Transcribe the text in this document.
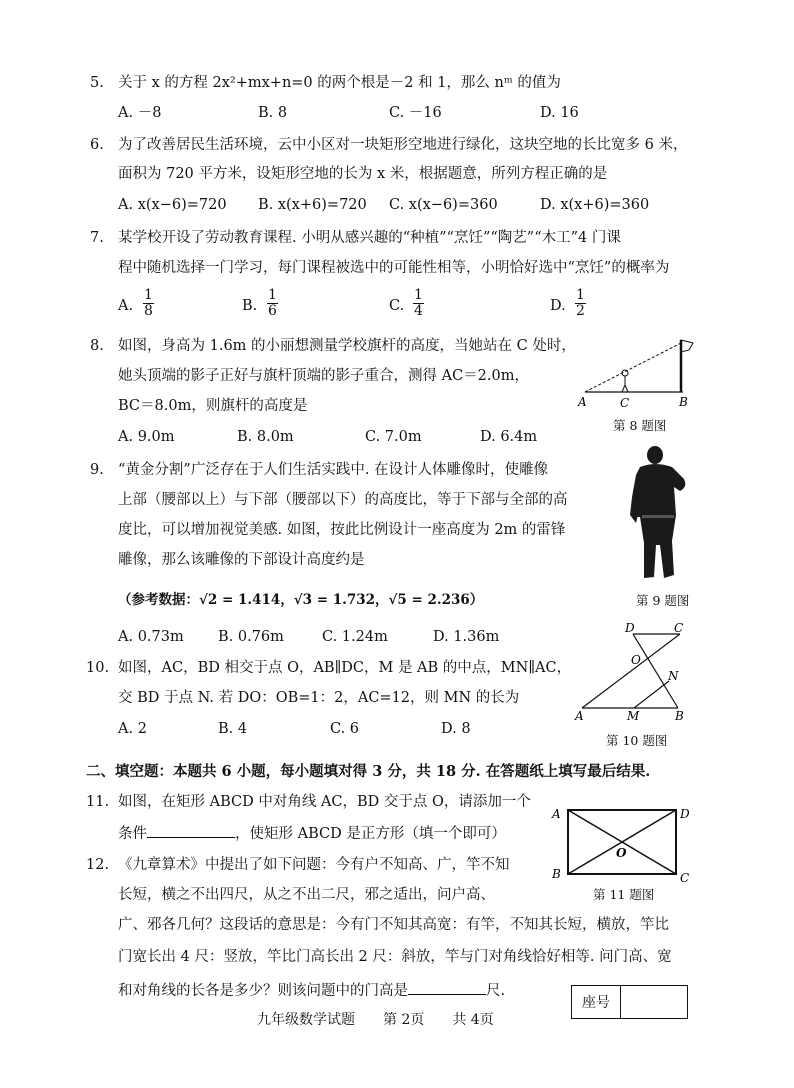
5. 关于 x 的方程 2x²+mx+n=0 的两个根是－2 和 1，那么 nᵐ 的值为
A. －8	B. 8	C. －16	D. 16
6. 为了改善居民生活环境，云中小区对一块矩形空地进行绿化，这块空地的长比宽多 6 米，
面积为 720 平方米，设矩形空地的长为 x 米，根据题意，所列方程正确的是
A. x(x−6)=720 B. x(x+6)=720 C. x(x−6)=360	D. x(x+6)=360
7. 某学校开设了劳动教育课程. 小明从感兴趣的“种植”“烹饪”“陶艺”“木工”4 门课
程中随机选择一门学习，每门课程被选中的可能性相等，小明恰好选中“烹饪”的概率为
A.
1
8	B.
1
6	C.
1
4	D.
1
2
8. 如图，身高为 1.6m 的小丽想测量学校旗杆的高度，当她站在 C 处时，
她头顶端的影子正好与旗杆顶端的影子重合，测得 AC＝2.0m，
BC＝8.0m，则旗杆的高度是
A. 9.0m	B. 8.0m	C. 7.0m	D. 6.4m
A	C	B
第 8 题图
9. “黄金分割”广泛存在于人们生活实践中. 在设计人体雕像时，使雕像
上部（腰部以上）与下部（腰部以下）的高度比，等于下部与全部的高
度比，可以增加视觉美感. 如图，按此比例设计一座高度为 2m 的雷锋
雕像，那么该雕像的下部设计高度约是
（参考数据：√2 = 1.414，√3 = 1.732，√5 = 2.236）
A. 0.73m B. 0.76m	C. 1.24m	D. 1.36m
第 9 题图
10. 如图，AC，BD 相交于点 O，AB∥DC，M 是 AB 的中点，MN∥AC，
交 BD 于点 N. 若 DO：OB=1：2，AC=12，则 MN 的长为
A. 2	B. 4	C. 6	D. 8
D	C
O
N
A	M	B
第 10 题图
二、填空题：本题共 6 小题，每小题填对得 3 分，共 18 分. 在答题纸上填写最后结果.
11. 如图，在矩形 ABCD 中对角线 AC，BD 交于点 O，请添加一个
条件	，使矩形 ABCD 是正方形（填一个即可）
A	D
O
B	C
第 11 题图
12. 《九章算术》中提出了如下问题：今有户不知高、广，竿不知
长短，横之不出四尺，从之不出二尺，邪之适出，问户高、
广、邪各几何？这段话的意思是：今有门不知其高宽：有竿，不知其长短，横放，竿比
门宽长出 4 尺：竖放，竿比门高长出 2 尺：斜放，竿与门对角线恰好相等. 问门高、宽
和对角线的长各是多少？则该问题中的门高是	尺.
座号
九年级数学试题　　第 2页　　共 4页
